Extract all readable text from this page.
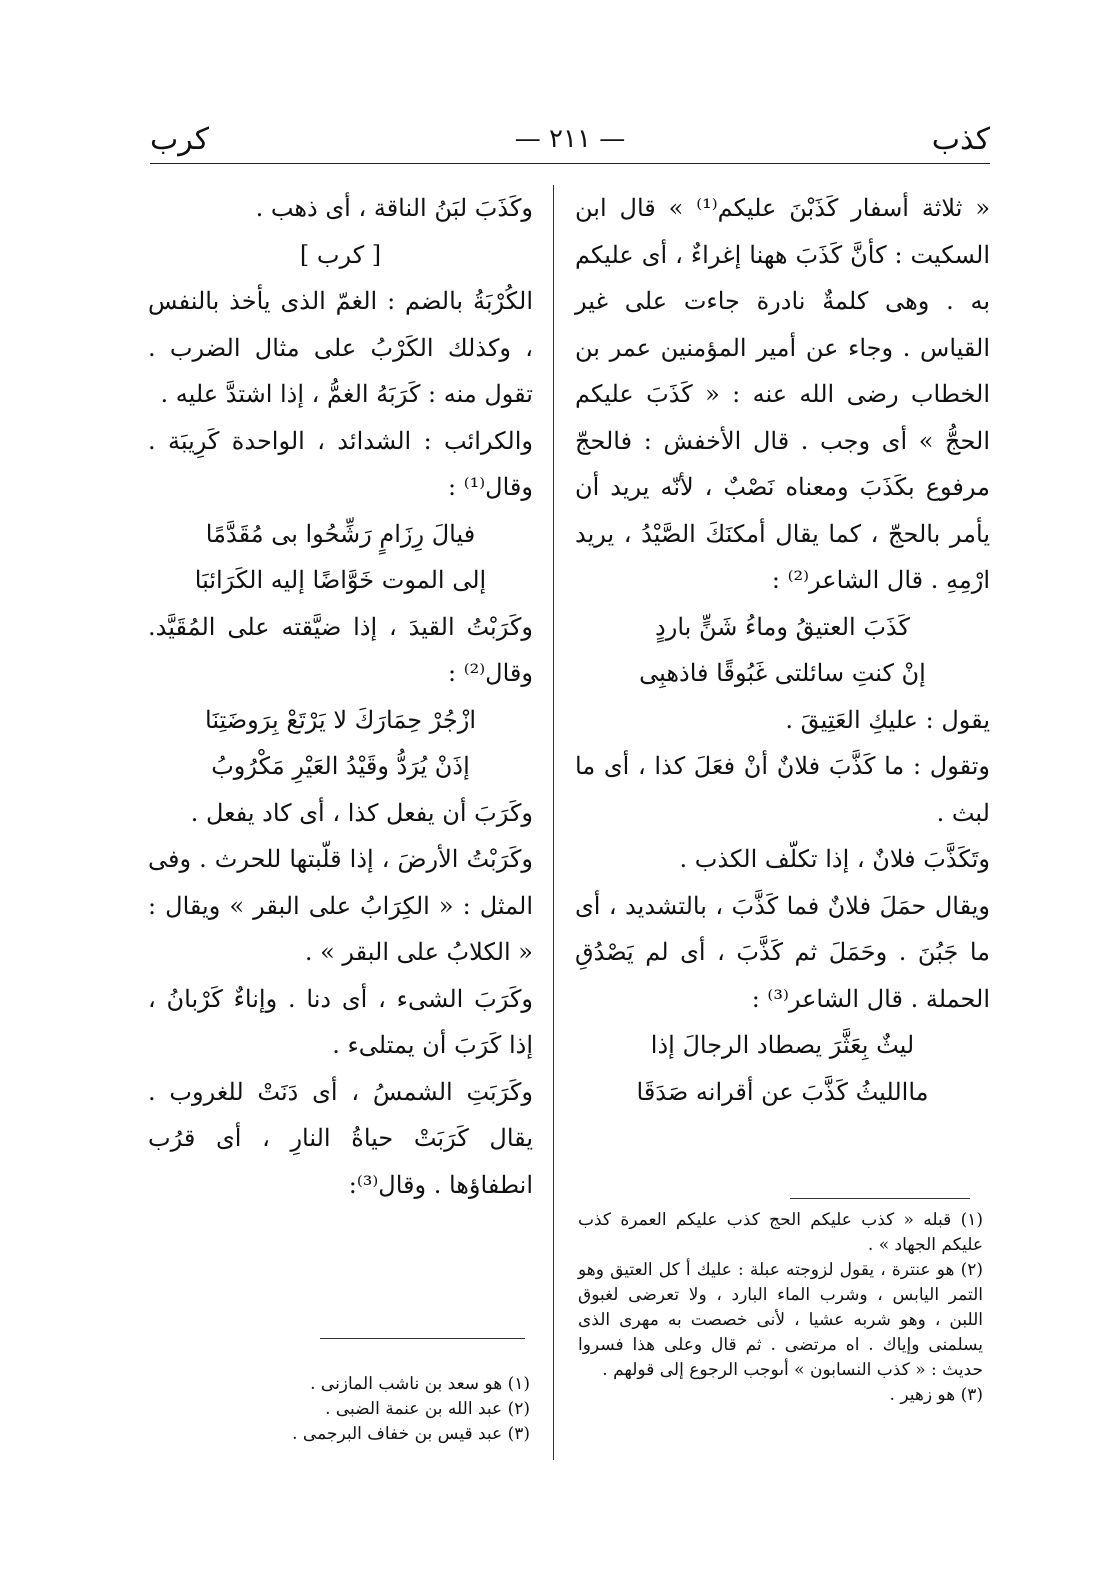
كذب
— ٢١١ —
كرب

« ثلاثة أسفار كَذَبْنَ عليكم⁽¹⁾ » قال ابن السكيت : كأنَّ كَذَبَ ههنا إغراءٌ ، أى عليكم به . وهى كلمةٌ نادرة جاءت على غير القياس . وجاء عن أمير المؤمنين عمر بن الخطاب رضى الله عنه : « كَذَبَ عليكم الحجُّ » أى وجب . قال الأخفش : فالحجّ مرفوع بكَذَبَ ومعناه نَصْبٌ ، لأنّه يريد أن يأمر بالحجّ ، كما يقال أمكنَكَ الصَّيْدُ ، يريد ارْمِهِ . قال الشاعر⁽²⁾ :

كَذَبَ العتيقُ وماءُ شَنٍّ باردٍ

إنْ كنتِ سائلتى غَبُوقًا فاذهبِى

يقول : عليكِ العَتِيقَ .

وتقول : ما كَذَّبَ فلانٌ أنْ فعَلَ كذا ، أى ما لبث .

وتَكَذَّبَ فلانٌ ، إذا تكلّف الكذب .

ويقال حمَلَ فلانٌ فما كَذَّبَ ، بالتشديد ، أى ما جَبُنَ . وحَمَلَ ثم كَذَّبَ ، أى لم يَصْدُقِ الحملة . قال الشاعر⁽³⁾ :

ليثٌ بِعَثَّرَ يصطاد الرجالَ إذا

ماالليثُ كَذَّبَ عن أقرانه صَدَقَا

(١) قبله « كذب عليكم الحج كذب عليكم العمرة كذب عليكم الجهاد » .

(٢) هو عنترة ، يقول لزوجته عبلة : عليك أ كل العتيق وهو التمر اليابس ، وشرب الماء البارد ، ولا تعرضى لغبوق اللبن ، وهو شربه عشيا ، لأنى خصصت به مهرى الذى يسلمنى وإياك . اه مرتضى . ثم قال وعلى هذا فسروا حديث : « كذب النسابون » أىوجب الرجوع إلى قولهم .

(٣) هو زهير .

وكَذَبَ لبَنُ الناقة ، أى ذهب .

[ كرب ]

الكُرْبَةُ بالضم : الغمّ الذى يأخذ بالنفس ، وكذلك الكَرْبُ على مثال الضرب . تقول منه : كَرَبَهُ الغمُّ ، إذا اشتدَّ عليه .

والكرائب : الشدائد ، الواحدة كَرِيبَة . وقال⁽¹⁾ :

فيالَ رِزَامٍ رَشِّحُوا بى مُقَدَّمًا

إلى الموت خَوَّاضًا إليه الكَرَائبَا

وكَرَبْتُ القيدَ ، إذا ضيَّقته على المُقَيَّد. وقال⁽²⁾ :

ازْجُرْ حِمَارَكَ لا يَرْتَعْ بِرَوضَتِنَا

إذَنْ يُرَدُّ وقَيْدُ العَيْرِ مَكْرُوبُ

وكَرَبَ أن يفعل كذا ، أى كاد يفعل .

وكَرَبْتُ الأرضَ ، إذا قلّبتها للحرث . وفى المثل : « الكِرَابُ على البقر » ويقال : « الكلابُ على البقر » .

وكَرَبَ الشىء ، أى دنا . وإناءٌ كَرْبانُ ، إذا كَرَبَ أن يمتلىء .

وكَرَبَتِ الشمسُ ، أى دَنَتْ للغروب . يقال كَرَبَتْ حياةُ النارِ ، أى قرُب انطفاؤها . وقال⁽³⁾:

(١) هو سعد بن ناشب المازنى .

(٢) عبد الله بن عنمة الضبى .

(٣) عبد قيس بن خفاف البرجمى .
